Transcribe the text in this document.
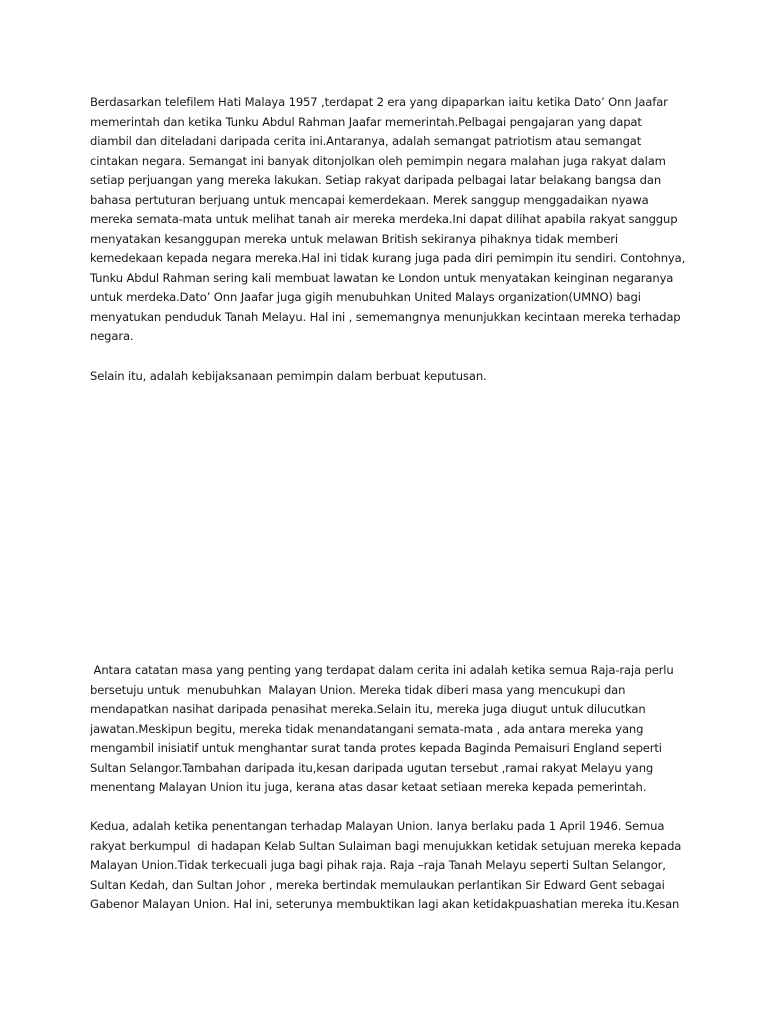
Berdasarkan telefilem Hati Malaya 1957 ,terdapat 2 era yang dipaparkan iaitu ketika Dato’ Onn Jaafar
memerintah dan ketika Tunku Abdul Rahman Jaafar memerintah.Pelbagai pengajaran yang dapat
diambil dan diteladani daripada cerita ini.Antaranya, adalah semangat patriotism atau semangat
cintakan negara. Semangat ini banyak ditonjolkan oleh pemimpin negara malahan juga rakyat dalam
setiap perjuangan yang mereka lakukan. Setiap rakyat daripada pelbagai latar belakang bangsa dan
bahasa pertuturan berjuang untuk mencapai kemerdekaan. Merek sanggup menggadaikan nyawa
mereka semata-mata untuk melihat tanah air mereka merdeka.Ini dapat dilihat apabila rakyat sanggup
menyatakan kesanggupan mereka untuk melawan British sekiranya pihaknya tidak memberi
kemedekaan kepada negara mereka.Hal ini tidak kurang juga pada diri pemimpin itu sendiri. Contohnya,
Tunku Abdul Rahman sering kali membuat lawatan ke London untuk menyatakan keinginan negaranya
untuk merdeka.Dato’ Onn Jaafar juga gigih menubuhkan United Malays organization(UMNO) bagi
menyatukan penduduk Tanah Melayu. Hal ini , sememangnya menunjukkan kecintaan mereka terhadap
negara.

Selain itu, adalah kebijaksanaan pemimpin dalam berbuat keputusan.

Antara catatan masa yang penting yang terdapat dalam cerita ini adalah ketika semua Raja-raja perlu
bersetuju untuk  menubuhkan  Malayan Union. Mereka tidak diberi masa yang mencukupi dan
mendapatkan nasihat daripada penasihat mereka.Selain itu, mereka juga diugut untuk dilucutkan
jawatan.Meskipun begitu, mereka tidak menandatangani semata-mata , ada antara mereka yang
mengambil inisiatif untuk menghantar surat tanda protes kepada Baginda Pemaisuri England seperti
Sultan Selangor.Tambahan daripada itu,kesan daripada ugutan tersebut ,ramai rakyat Melayu yang
menentang Malayan Union itu juga, kerana atas dasar ketaat setiaan mereka kepada pemerintah.

Kedua, adalah ketika penentangan terhadap Malayan Union. Ianya berlaku pada 1 April 1946. Semua
rakyat berkumpul  di hadapan Kelab Sultan Sulaiman bagi menujukkan ketidak setujuan mereka kepada
Malayan Union.Tidak terkecuali juga bagi pihak raja. Raja –raja Tanah Melayu seperti Sultan Selangor,
Sultan Kedah, dan Sultan Johor , mereka bertindak memulaukan perlantikan Sir Edward Gent sebagai
Gabenor Malayan Union. Hal ini, seterunya membuktikan lagi akan ketidakpuashatian mereka itu.Kesan
